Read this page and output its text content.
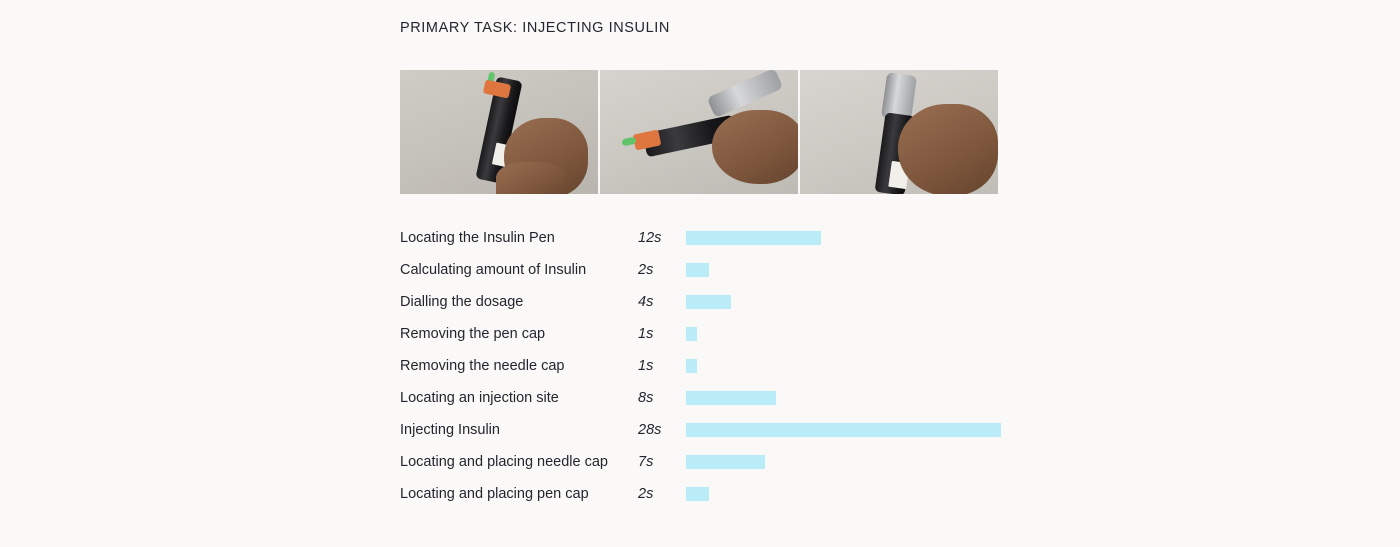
PRIMARY TASK: INJECTING INSULIN
Locating the Insulin Pen	12s
Calculating amount of Insulin	2s
Dialling the dosage	4s
Removing the pen cap	1s
Removing the needle cap	1s
Locating an injection site	8s
Injecting Insulin	28s
Locating and placing needle cap	7s
Locating and placing pen cap	2s
